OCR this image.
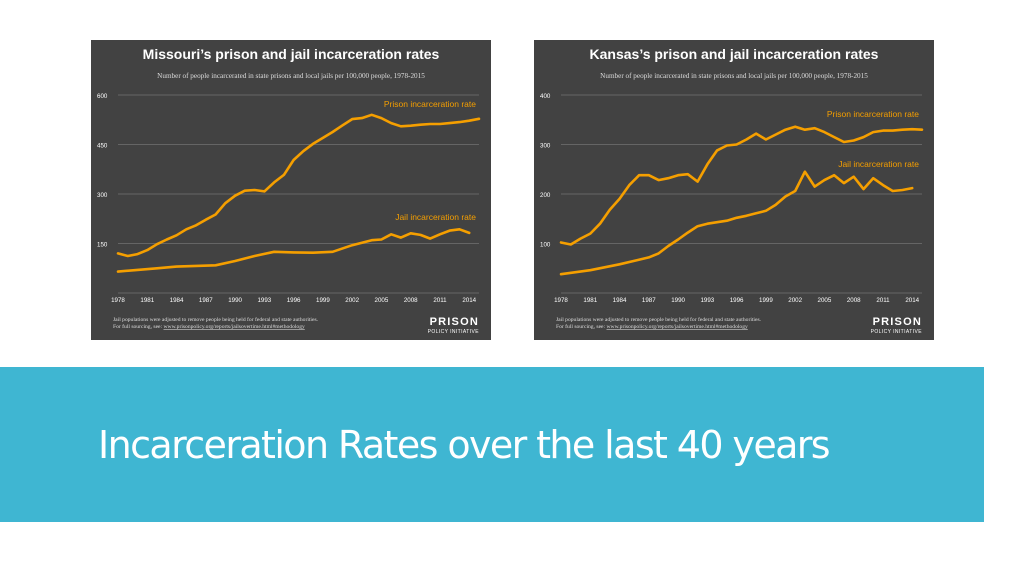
Missouri’s prison and jail incarceration rates
Number of people incarcerated in state prisons and local jails per 100,000 people, 1978-2015
150
300
450
600
1978	1981	1984	1987	1990	1993	1996	1999	2002	2005	2008	2011	2014
Prison incarceration rate
Jail incarceration rate
Jail populations were adjusted to remove people being held for federal and state authorities.
For full sourcing, see: www.prisonpolicy.org/reports/jailsovertime.html#methodology	PRISON
POLICY INITIATIVE
Kansas’s prison and jail incarceration rates
Number of people incarcerated in state prisons and local jails per 100,000 people, 1978-2015
100
200
300
400
1978	1981	1984	1987	1990	1993	1996	1999	2002	2005	2008	2011	2014
Prison incarceration rate
Jail incarceration rate
Jail populations were adjusted to remove people being held for federal and state authorities.
For full sourcing, see: www.prisonpolicy.org/reports/jailsovertime.html#methodology	PRISON
POLICY INITIATIVE
Incarceration Rates over the last 40 years
